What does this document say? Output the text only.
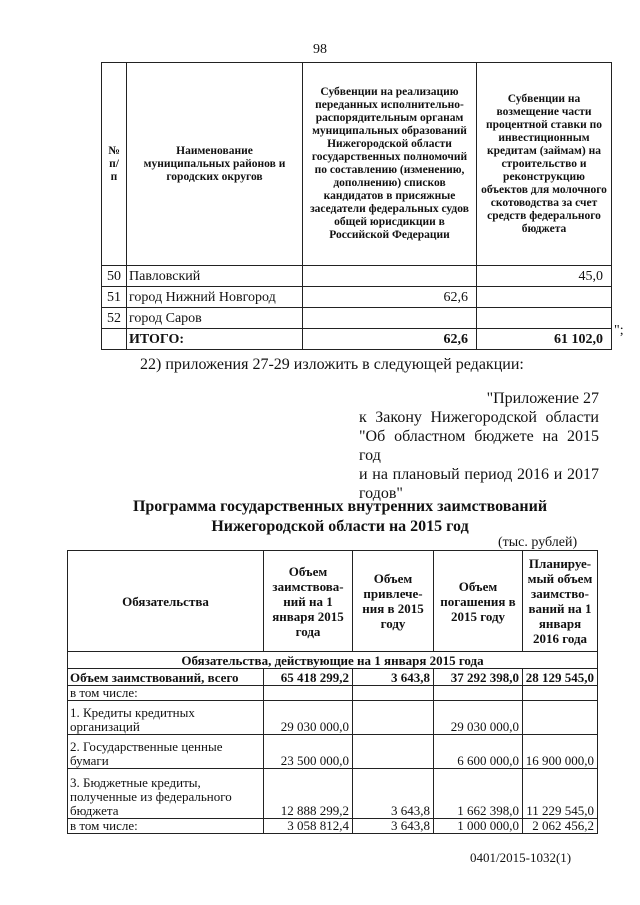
98
№ п/п	Наименование муниципальных районов и городских округов	Субвенции на реализацию переданных исполнительно-распорядительным органам муниципальных образований Нижегородской области государственных полномочий по составлению (изменению, дополнению) списков кандидатов в присяжные заседатели федеральных судов общей юрисдикции в Российской Федерации	Субвенции на возмещение части процентной ставки по инвестиционным кредитам (займам) на строительство и реконструкцию объектов для молочного скотоводства за счет средств федерального бюджета
50	Павловский		45,0
51	город Нижний Новгород	62,6	
52	город Саров		
	ИТОГО:	62,6	61 102,0
";
22) приложения 27-29 изложить в следующей редакции:
"Приложение 27
к Закону Нижегородской области
"Об областном бюджете на 2015 год
и на плановый период 2016 и 2017
годов"
Программа государственных внутренних заимствований
Нижегородской области на 2015 год
(тыс. рублей)
Обязательства	Объем заимствова-ний на 1 января 2015 года	Объем привлече-ния в 2015 году	Объем погашения в 2015 году	Планируе-мый объем заимство-ваний на 1 января 2016 года
Обязательства, действующие на 1 января 2015 года				
Объем заимствований, всего	65 418 299,2	3 643,8	37 292 398,0	28 129 545,0
в том числе:				
1. Кредиты кредитных организаций	29 030 000,0		29 030 000,0	
2. Государственные ценные бумаги	23 500 000,0		6 600 000,0	16 900 000,0
3. Бюджетные кредиты, полученные из федерального бюджета	12 888 299,2	3 643,8	1 662 398,0	11 229 545,0
в том числе:	3 058 812,4	3 643,8	1 000 000,0	2 062 456,2
0401/2015-1032(1)
